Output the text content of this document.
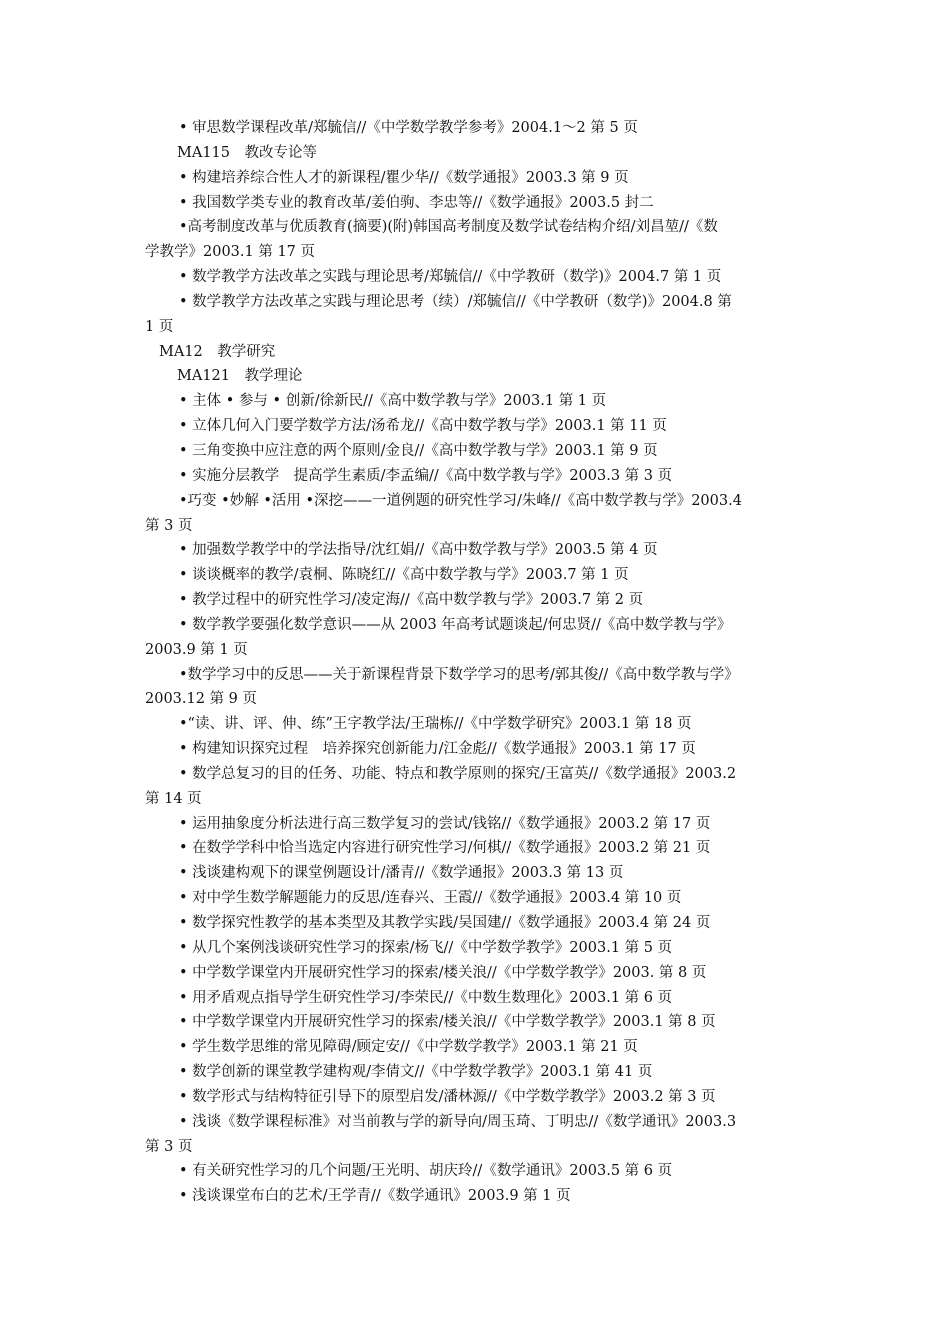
• 审思数学课程改革/郑毓信//《中学数学教学参考》2004.1～2 第 5 页
MA115　教改专论等
• 构建培养综合性人才的新课程/瞿少华//《数学通报》2003.3 第 9 页
• 我国数学类专业的教育改革/姜伯驹、李忠等//《数学通报》2003.5 封二
•高考制度改革与优质教育(摘要)(附)韩国高考制度及数学试卷结构介绍/刘昌堃//《数
学教学》2003.1 第 17 页
• 数学教学方法改革之实践与理论思考/郑毓信//《中学教研（数学)》2004.7 第 1 页
• 数学教学方法改革之实践与理论思考（续）/郑毓信//《中学教研（数学)》2004.8 第
1 页
MA12　教学研究
MA121　教学理论
• 主体 • 参与 • 创新/徐新民//《高中数学教与学》2003.1 第 1 页
• 立体几何入门要学数学方法/汤希龙//《高中数学教与学》2003.1 第 11 页
• 三角变换中应注意的两个原则/金良//《高中数学教与学》2003.1 第 9 页
• 实施分层教学　提高学生素质/李孟编//《高中数学教与学》2003.3 第 3 页
•巧变 •妙解 •活用 •深挖——一道例题的研究性学习/朱峰//《高中数学教与学》2003.4
第 3 页
• 加强数学教学中的学法指导/沈红娟//《高中数学教与学》2003.5 第 4 页
• 谈谈概率的教学/袁桐、陈晓红//《高中数学教与学》2003.7 第 1 页
• 教学过程中的研究性学习/凌定海//《高中数学教与学》2003.7 第 2 页
• 数学教学要强化数学意识——从 2003 年高考试题谈起/何忠贤//《高中数学教与学》
2003.9 第 1 页
•数学学习中的反思——关于新课程背景下数学学习的思考/郭其俊//《高中数学教与学》
2003.12 第 9 页
•“读、讲、评、伸、练”王字教学法/王瑞栋//《中学数学研究》2003.1 第 18 页
• 构建知识探究过程　培养探究创新能力/江金彪//《数学通报》2003.1 第 17 页
• 数学总复习的目的任务、功能、特点和教学原则的探究/王富英//《数学通报》2003.2
第 14 页
• 运用抽象度分析法进行高三数学复习的尝试/钱铭//《数学通报》2003.2 第 17 页
• 在数学学科中恰当选定内容进行研究性学习/何棋//《数学通报》2003.2 第 21 页
• 浅谈建构观下的课堂例题设计/潘青//《数学通报》2003.3 第 13 页
• 对中学生数学解题能力的反思/连春兴、王霞//《数学通报》2003.4 第 10 页
• 数学探究性教学的基本类型及其教学实践/吴国建//《数学通报》2003.4 第 24 页
• 从几个案例浅谈研究性学习的探索/杨飞//《中学数学教学》2003.1 第 5 页
• 中学数学课堂内开展研究性学习的探索/楼关浪//《中学数学教学》2003. 第 8 页
• 用矛盾观点指导学生研究性学习/李荣民//《中数生数理化》2003.1 第 6 页
• 中学数学课堂内开展研究性学习的探索/楼关浪//《中学数学教学》2003.1 第 8 页
• 学生数学思维的常见障碍/顾定安//《中学数学教学》2003.1 第 21 页
• 数学创新的课堂教学建构观/李倩文//《中学数学教学》2003.1 第 41 页
• 数学形式与结构特征引导下的原型启发/潘林源//《中学数学教学》2003.2 第 3 页
• 浅谈《数学课程标准》对当前教与学的新导向/周玉琦、丁明忠//《数学通讯》2003.3
第 3 页
• 有关研究性学习的几个问题/王光明、胡庆玲//《数学通讯》2003.5 第 6 页
• 浅谈课堂布白的艺术/王学青//《数学通讯》2003.9 第 1 页
